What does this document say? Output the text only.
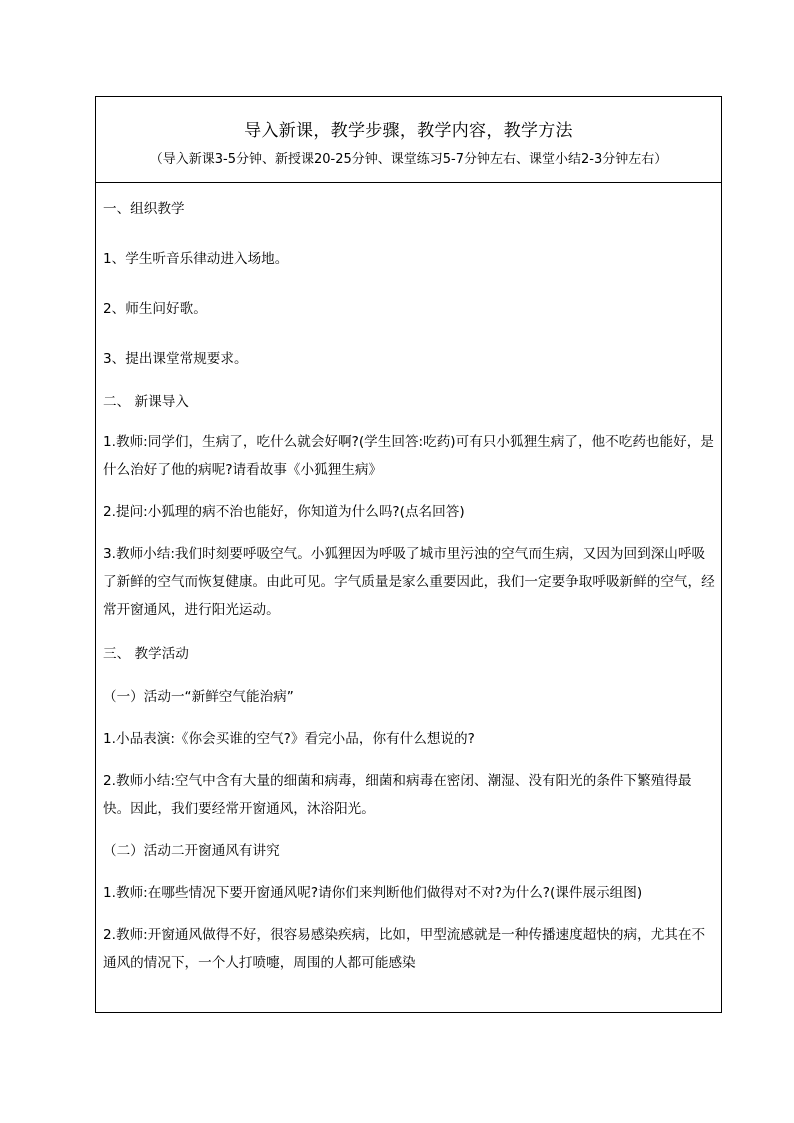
导入新课，教学步骤，教学内容，教学方法
（导入新课3-5分钟、新授课20-25分钟、课堂练习5-7分钟左右、课堂小结2-3分钟左右）
一、组织教学
1、学生听音乐律动进入场地。
2、师生问好歌。
3、提出课堂常规要求。
二、 新课导入
1.教师:同学们，生病了，吃什么就会好啊?(学生回答:吃药)可有只小狐狸生病了，他不吃药也能好，是什么治好了他的病呢?请看故事《小狐狸生病》
2.提问:小狐理的病不治也能好，你知道为什么吗?(点名回答)
3.教师小结:我们时刻要呼吸空气。小狐狸因为呼吸了城市里污浊的空气而生病，又因为回到深山呼吸了新鲜的空气而恢复健康。由此可见。字气质量是家么重要因此，我们一定要争取呼吸新鲜的空气，经常开窗通风，进行阳光运动。
三、 教学活动
（一）活动一“新鲜空气能治病”
1.小品表演:《你会买谁的空气?》看完小品，你有什么想说的?
2.教师小结:空气中含有大量的细菌和病毒，细菌和病毒在密闭、潮湿、没有阳光的条件下繁殖得最快。因此，我们要经常开窗通风，沐浴阳光。
（二）活动二开窗通风有讲究
1.教师:在哪些情况下要开窗通风呢?请你们来判断他们做得对不对?为什么?(课件展示组图)
2.教师:开窗通风做得不好，很容易感染疾病，比如，甲型流感就是一种传播速度超快的病，尤其在不通风的情况下，一个人打喷嚏，周围的人都可能感染
